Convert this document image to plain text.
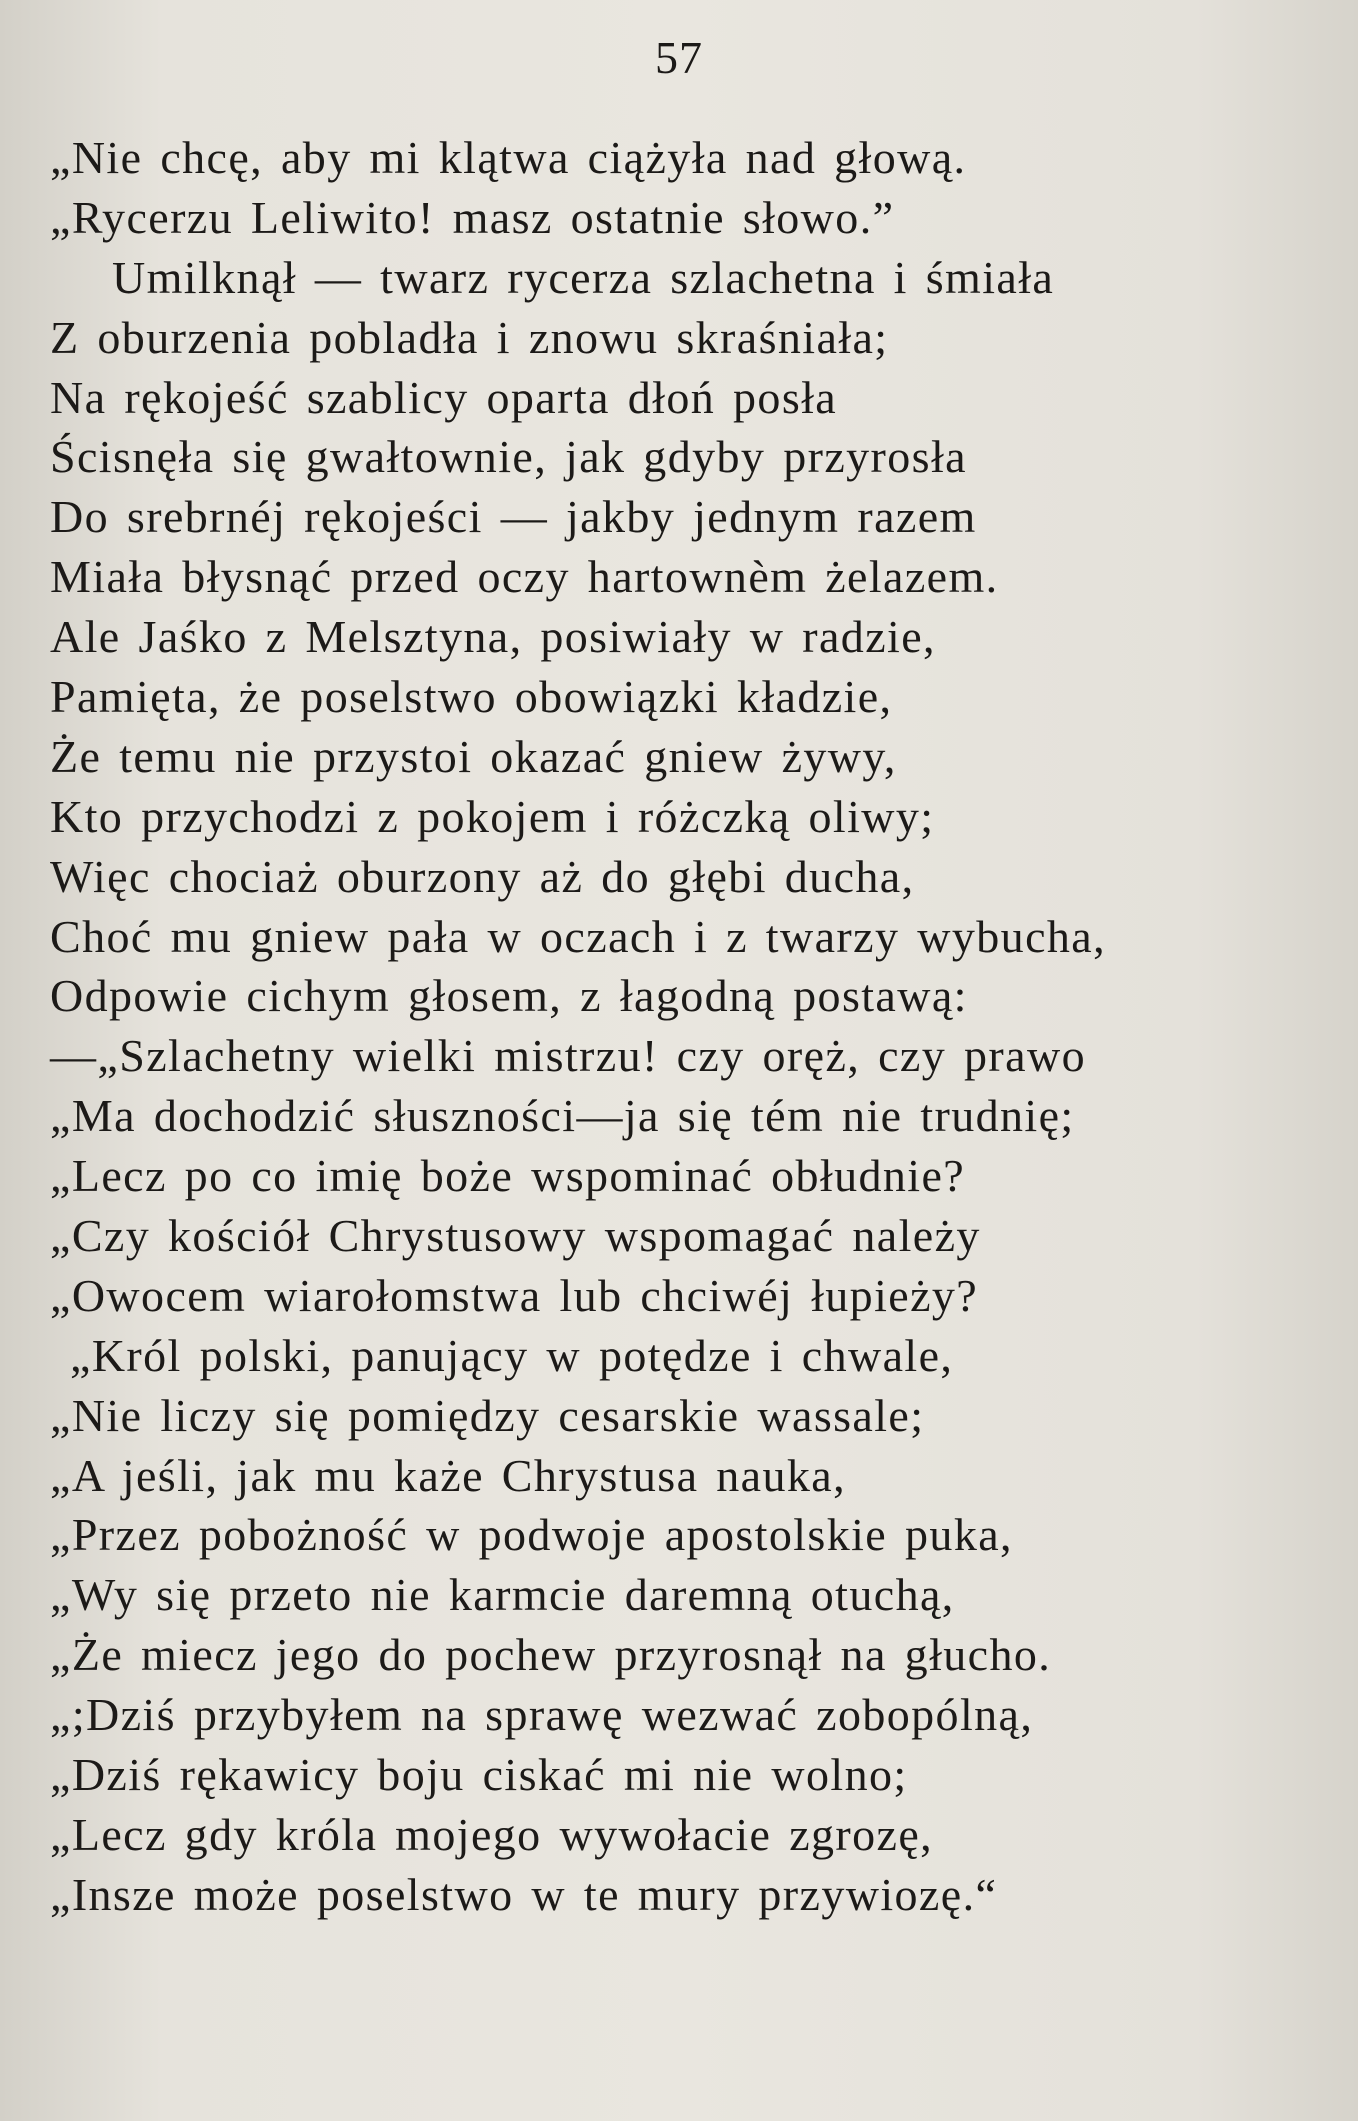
57
„Nie chcę, aby mi klątwa ciążyła nad głową.
„Rycerzu Leliwito! masz ostatnie słowo.”
Umilknął — twarz rycerza szlachetna i śmiała
Z oburzenia pobladła i znowu skraśniała;
Na rękojeść szablicy oparta dłoń posła
Ścisnęła się gwałtownie, jak gdyby przyrosła
Do srebrnéj rękojeści — jakby jednym razem
Miała błysnąć przed oczy hartownèm żelazem.
Ale Jaśko z Melsztyna, posiwiały w radzie,
Pamięta, że poselstwo obowiązki kładzie,
Że temu nie przystoi okazać gniew żywy,
Kto przychodzi z pokojem i różczką oliwy;
Więc chociaż oburzony aż do głębi ducha,
Choć mu gniew pała w oczach i z twarzy wybucha,
Odpowie cichym głosem, z łagodną postawą:
—„Szlachetny wielki mistrzu! czy oręż, czy prawo
„Ma dochodzić słuszności—ja się tém nie trudnię;
„Lecz po co imię boże wspominać obłudnie?
„Czy kościół Chrystusowy wspomagać należy
„Owocem wiarołomstwa lub chciwéj łupieży?
„Król polski, panujący w potędze i chwale,
„Nie liczy się pomiędzy cesarskie wassale;
„A jeśli, jak mu każe Chrystusa nauka,
„Przez pobożność w podwoje apostolskie puka,
„Wy się przeto nie karmcie daremną otuchą,
„Że miecz jego do pochew przyrosnął na głucho.
„;Dziś przybyłem na sprawę wezwać zobopólną,
„Dziś rękawicy boju ciskać mi nie wolno;
„Lecz gdy króla mojego wywołacie zgrozę,
„Insze może poselstwo w te mury przywiozę.“
